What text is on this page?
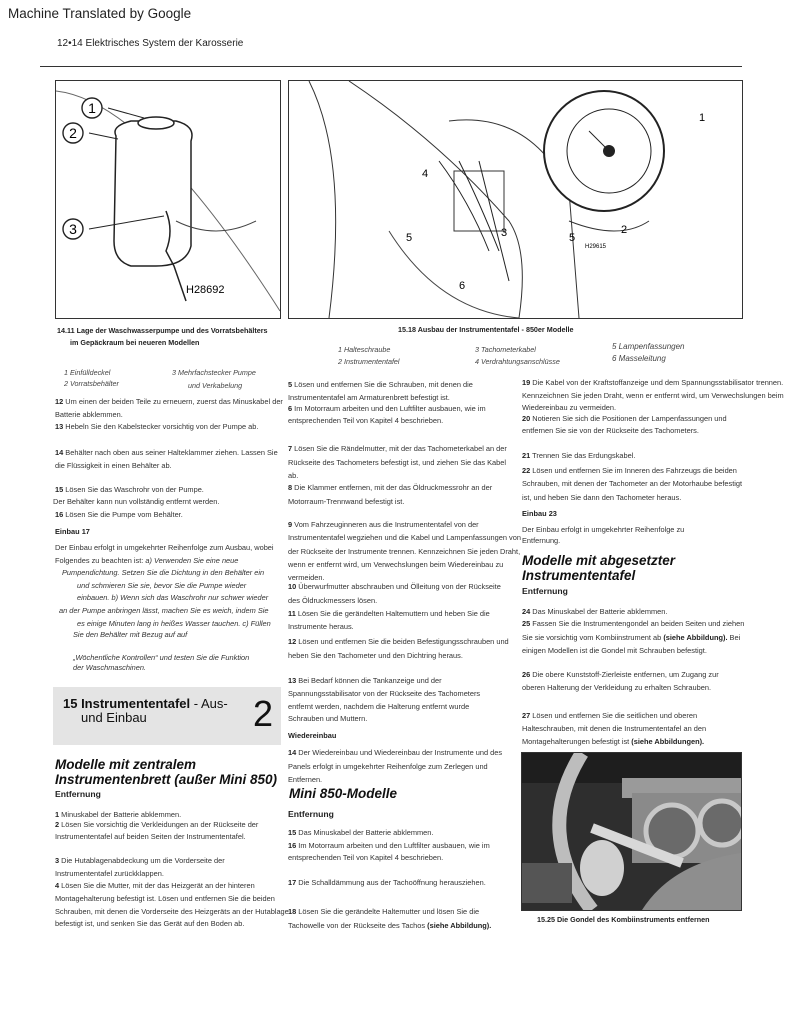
Machine Translated by Google
12•14 Elektrisches System der Karosserie
1
2
3
H28692
4
5
6
3	5
2
1
H29615
14.11 Lage der Waschwasserpumpe und des Vorratsbehälters
im Gepäckraum bei neueren Modellen
1 Einfülldeckel
2 Vorratsbehälter
3 Mehrfachstecker Pumpe
und Verkabelung
15.18 Ausbau der Instrumententafel - 850er Modelle
1 Halteschraube
2 Instrumententafel
3 Tachometerkabel
4 Verdrahtungsanschlüsse
5 Lampenfassungen
6 Masseleitung
12 Um einen der beiden Teile zu erneuern, zuerst das Minuskabel der Batterie abklemmen.
13 Hebeln Sie den Kabelstecker vorsichtig von der Pumpe ab.
14 Behälter nach oben aus seiner Halteklammer ziehen. Lassen Sie die Flüssigkeit in einen Behälter ab.
15 Lösen Sie das Waschrohr von der Pumpe.
Der Behälter kann nun vollständig entfernt werden.
16 Lösen Sie die Pumpe vom Behälter.
Einbau 17
Der Einbau erfolgt in umgekehrter Reihenfolge zum Ausbau, wobei Folgendes zu beachten ist: a) Verwenden Sie eine neue
Pumpendichtung. Setzen Sie die Dichtung in den Behälter ein
und schmieren Sie sie, bevor Sie die Pumpe wieder
einbauen. b) Wenn sich das Waschrohr nur schwer wieder
an der Pumpe anbringen lässt, machen Sie es weich, indem Sie
es einige Minuten lang in heißes Wasser tauchen. c) Füllen
Sie den Behälter mit Bezug auf auf
„Wöchentliche Kontrollen“ und testen Sie die Funktion
der Waschmaschinen.
15 Instrumententafel - Aus-
und Einbau	2
Modelle mit zentralem
Instrumentenbrett (außer Mini 850)
Entfernung
1 Minuskabel der Batterie abklemmen.
2 Lösen Sie vorsichtig die Verkleidungen an der Rückseite der Instrumententafel auf beiden Seiten der Instrumententafel.
3 Die Hutablagenabdeckung um die Vorderseite der Instrumententafel zurückklappen.
4 Lösen Sie die Mutter, mit der das Heizgerät an der hinteren Montagehalterung befestigt ist. Lösen und entfernen Sie die beiden Schrauben, mit denen die Vorderseite des Heizgeräts an der Hutablage befestigt ist, und senken Sie das Gerät auf den Boden ab.
5 Lösen und entfernen Sie die Schrauben, mit denen die Instrumententafel am Armaturenbrett befestigt ist.
6 Im Motorraum arbeiten und den Luftfilter ausbauen, wie im entsprechenden Teil von Kapitel 4 beschrieben.
7 Lösen Sie die Rändelmutter, mit der das Tachometerkabel an der Rückseite des Tachometers befestigt ist, und ziehen Sie das Kabel ab.
8 Die Klammer entfernen, mit der das Öldruckmessrohr an der Motorraum-Trennwand befestigt ist.
9 Vom Fahrzeuginneren aus die Instrumententafel von der Instrumententafel wegziehen und die Kabel und Lampenfassungen von der Rückseite der Instrumente trennen. Kennzeichnen Sie jeden Draht, wenn er entfernt wird, um Verwechslungen beim Wiedereinbau zu vermeiden.
10 Überwurfmutter abschrauben und Ölleitung von der Rückseite des Öldruckmessers lösen.
11 Lösen Sie die gerändelten Haltemuttern und heben Sie die Instrumente heraus.
12 Lösen und entfernen Sie die beiden Befestigungsschrauben und heben Sie den Tachometer und den Dichtring heraus.
13 Bei Bedarf können die Tankanzeige und der Spannungsstabilisator von der Rückseite des Tachometers entfernt werden, nachdem die Halterung entfernt wurde Schrauben und Muttern.
Wiedereinbau
14 Der Wiedereinbau und Wiedereinbau der Instrumente und des Panels erfolgt in umgekehrter Reihenfolge zum Zerlegen und Entfernen.
Mini 850-Modelle
Entfernung
15 Das Minuskabel der Batterie abklemmen.
16 Im Motorraum arbeiten und den Luftfilter ausbauen, wie im entsprechenden Teil von Kapitel 4 beschrieben.
17 Die Schalldämmung aus der Tachoöffnung herausziehen.
18 Lösen Sie die gerändelte Haltemutter und lösen Sie die Tachowelle von der Rückseite des Tachos (siehe Abbildung).
19 Die Kabel von der Kraftstoffanzeige und dem Spannungsstabilisator trennen. Kennzeichnen Sie jeden Draht, wenn er entfernt wird, um Verwechslungen beim Wiedereinbau zu vermeiden.
20 Notieren Sie sich die Positionen der Lampenfassungen und entfernen Sie sie von der Rückseite des Tachometers.
21 Trennen Sie das Erdungskabel.
22 Lösen und entfernen Sie im Inneren des Fahrzeugs die beiden Schrauben, mit denen der Tachometer an der Motorhaube befestigt ist, und heben Sie dann den Tachometer heraus.
Einbau 23
Der Einbau erfolgt in umgekehrter Reihenfolge zu Entfernung.
Modelle mit abgesetzter
Instrumententafel
Entfernung
24 Das Minuskabel der Batterie abklemmen.
25 Fassen Sie die Instrumentengondel an beiden Seiten und ziehen Sie sie vorsichtig vom Kombiinstrument ab (siehe Abbildung). Bei einigen Modellen ist die Gondel mit Schrauben befestigt.
26 Die obere Kunststoff-Zierleiste entfernen, um Zugang zur oberen Halterung der Verkleidung zu erhalten Schrauben.
27 Lösen und entfernen Sie die seitlichen und oberen Halteschrauben, mit denen die Instrumententafel an den Montagehalterungen befestigt ist (siehe Abbildungen).
15.25 Die Gondel des Kombiinstruments entfernen
